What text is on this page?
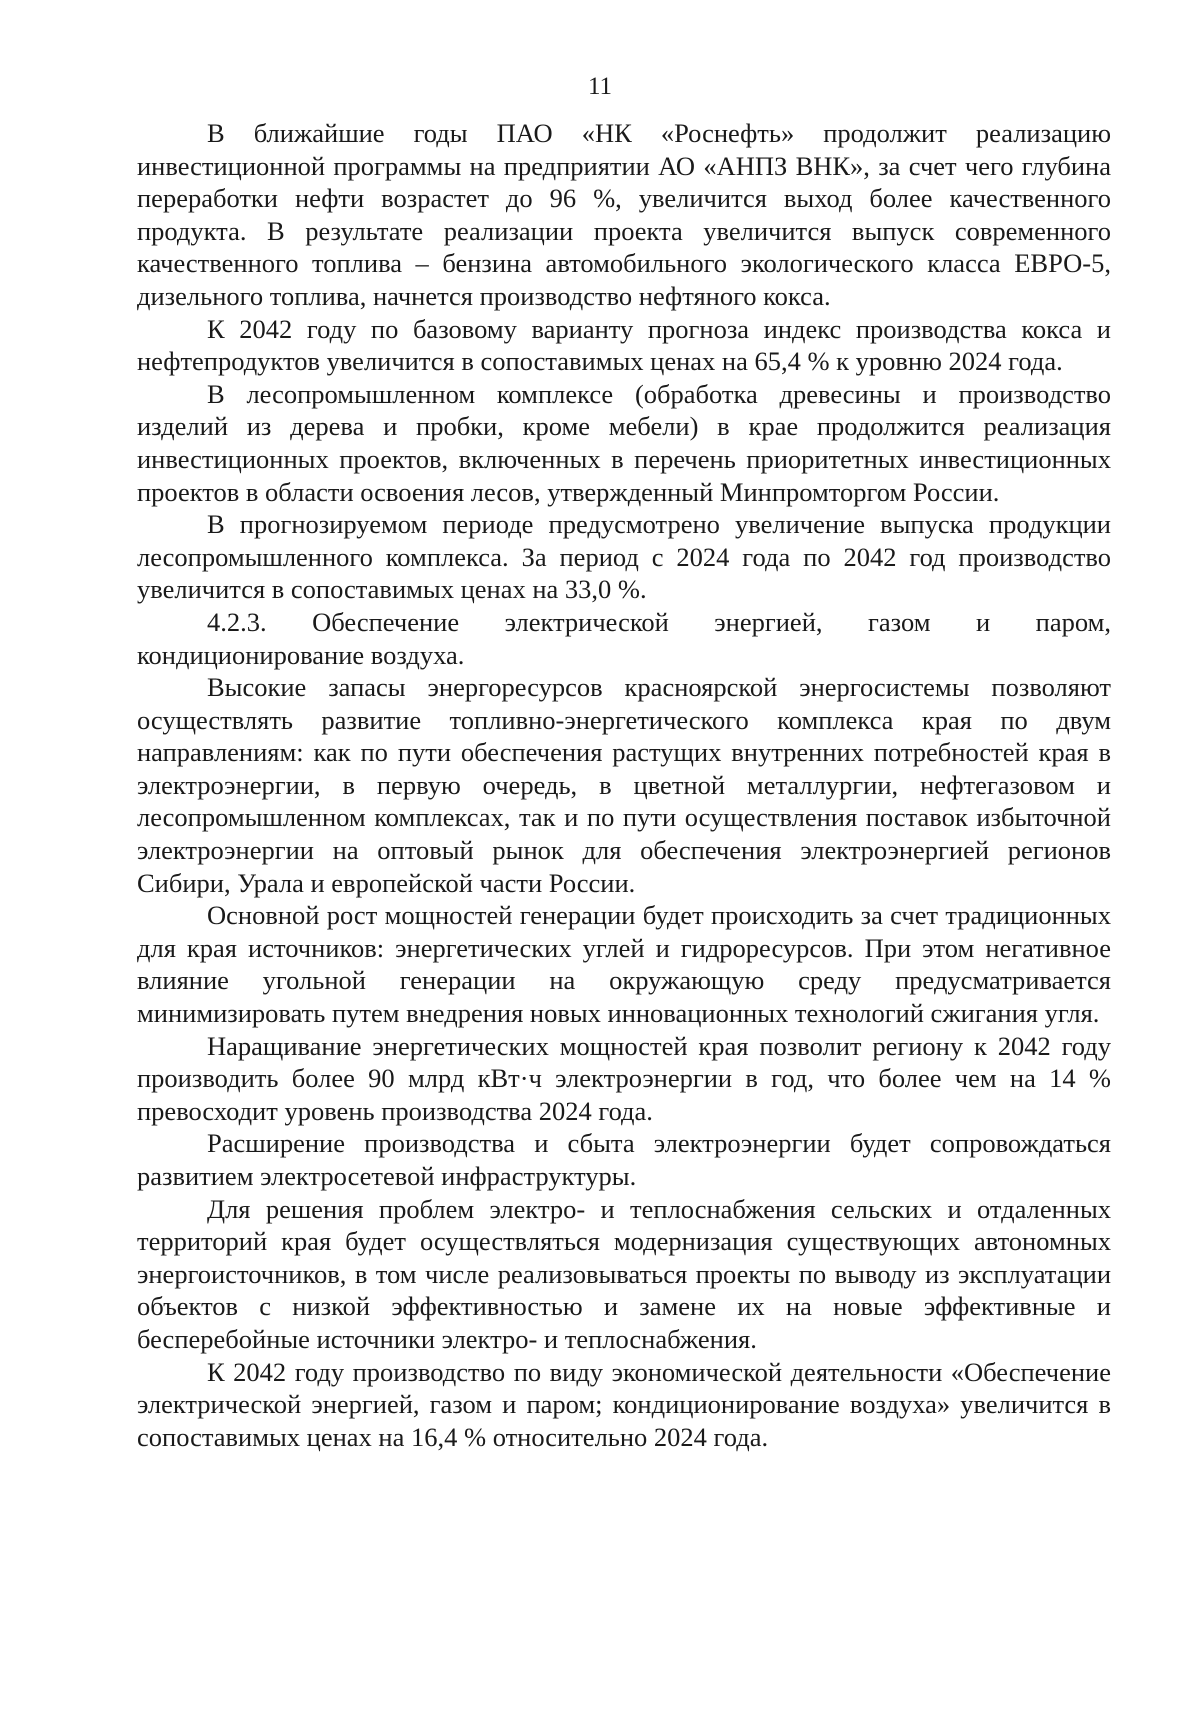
11

В ближайшие годы ПАО «НК «Роснефть» продолжит реализацию инвестиционной программы на предприятии АО «АНПЗ ВНК», за счет чего глубина переработки нефти возрастет до 96 %, увеличится выход более качественного продукта. В результате реализации проекта увеличится выпуск современного качественного топлива – бензина автомобильного экологического класса ЕВРО-5, дизельного топлива, начнется производство нефтяного кокса.

К 2042 году по базовому варианту прогноза индекс производства кокса и нефтепродуктов увеличится в сопоставимых ценах на 65,4 % к уровню 2024 года.

В лесопромышленном комплексе (обработка древесины и производство изделий из дерева и пробки, кроме мебели) в крае продолжится реализация инвестиционных проектов, включенных в перечень приоритетных инвестиционных проектов в области освоения лесов, утвержденный Минпромторгом России.

В прогнозируемом периоде предусмотрено увеличение выпуска продукции лесопромышленного комплекса. За период с 2024 года по 2042 год производство увеличится в сопоставимых ценах на 33,0 %.

4.2.3. Обеспечение электрической энергией, газом и паром, кондиционирование воздуха.

Высокие запасы энергоресурсов красноярской энергосистемы позволяют осуществлять развитие топливно-энергетического комплекса края по двум направлениям: как по пути обеспечения растущих внутренних потребностей края в электроэнергии, в первую очередь, в цветной металлургии, нефтегазовом и лесопромышленном комплексах, так и по пути осуществления поставок избыточной электроэнергии на оптовый рынок для обеспечения электроэнергией регионов Сибири, Урала и европейской части России.

Основной рост мощностей генерации будет происходить за счет традиционных для края источников: энергетических углей и гидроресурсов. При этом негативное влияние угольной генерации на окружающую среду предусматривается минимизировать путем внедрения новых инновационных технологий сжигания угля.

Наращивание энергетических мощностей края позволит региону к 2042 году производить более 90 млрд кВт·ч электроэнергии в год, что более чем на 14 % превосходит уровень производства 2024 года.

Расширение производства и сбыта электроэнергии будет сопровождаться развитием электросетевой инфраструктуры.

Для решения проблем электро- и теплоснабжения сельских и отдаленных территорий края будет осуществляться модернизация существующих автономных энергоисточников, в том числе реализовываться проекты по выводу из эксплуатации объектов с низкой эффективностью и замене их на новые эффективные и бесперебойные источники электро- и теплоснабжения.

К 2042 году производство по виду экономической деятельности «Обеспечение электрической энергией, газом и паром; кондиционирование воздуха» увеличится в сопоставимых ценах на 16,4 % относительно 2024 года.
